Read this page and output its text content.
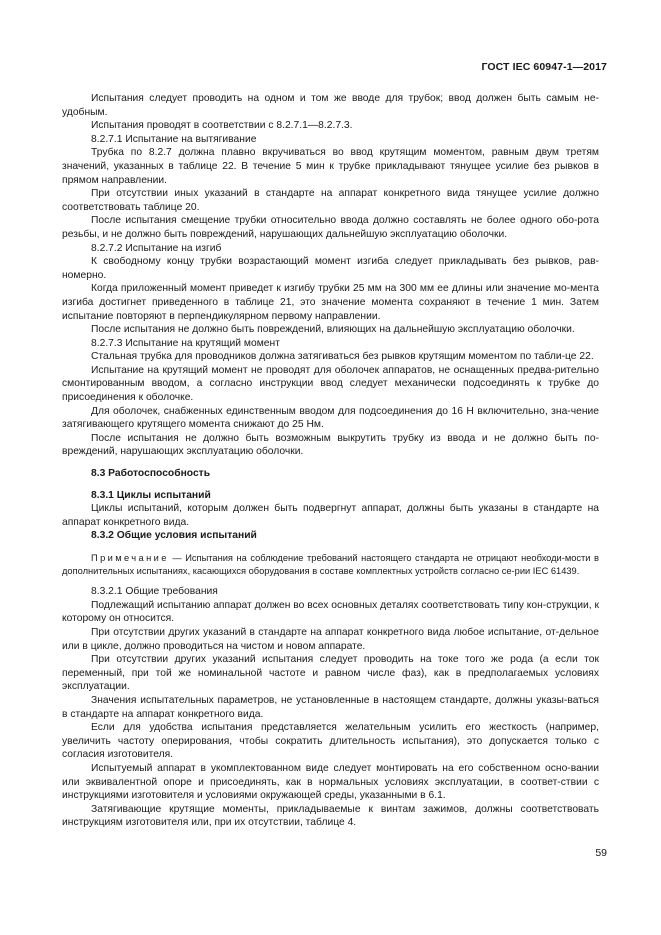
ГОСТ IEC 60947-1—2017

Испытания следует проводить на одном и том же вводе для трубок; ввод должен быть самым не-удобным.

Испытания проводят в соответствии с 8.2.7.1—8.2.7.3.

8.2.7.1 Испытание на вытягивание

Трубка по 8.2.7 должна плавно вкручиваться во ввод крутящим моментом, равным двум третям значений, указанных в таблице 22. В течение 5 мин к трубке прикладывают тянущее усилие без рывков в прямом направлении.

При отсутствии иных указаний в стандарте на аппарат конкретного вида тянущее усилие должно соответствовать таблице 20.

После испытания смещение трубки относительно ввода должно составлять не более одного обо-рота резьбы, и не должно быть повреждений, нарушающих дальнейшую эксплуатацию оболочки.

8.2.7.2 Испытание на изгиб

К свободному концу трубки возрастающий момент изгиба следует прикладывать без рывков, рав-номерно.

Когда приложенный момент приведет к изгибу трубки 25 мм на 300 мм ее длины или значение мо-мента изгиба достигнет приведенного в таблице 21, это значение момента сохраняют в течение 1 мин. Затем испытание повторяют в перпендикулярном первому направлении.

После испытания не должно быть повреждений, влияющих на дальнейшую эксплуатацию оболочки.

8.2.7.3 Испытание на крутящий момент

Стальная трубка для проводников должна затягиваться без рывков крутящим моментом по табли-це 22.

Испытание на крутящий момент не проводят для оболочек аппаратов, не оснащенных предва-рительно смонтированным вводом, а согласно инструкции ввод следует механически подсоединять к трубке до присоединения к оболочке.

Для оболочек, снабженных единственным вводом для подсоединения до 16 Н включительно, зна-чение затягивающего крутящего момента снижают до 25 Нм.

После испытания не должно быть возможным выкрутить трубку из ввода и не должно быть по-вреждений, нарушающих эксплуатацию оболочки.

8.3 Работоспособность

8.3.1 Циклы испытаний

Циклы испытаний, которым должен быть подвергнут аппарат, должны быть указаны в стандарте на аппарат конкретного вида.

8.3.2 Общие условия испытаний

Примечание — Испытания на соблюдение требований настоящего стандарта не отрицают необходи-мости в дополнительных испытаниях, касающихся оборудования в составе комплектных устройств согласно се-рии IEC 61439.

8.3.2.1 Общие требования

Подлежащий испытанию аппарат должен во всех основных деталях соответствовать типу кон-струкции, к которому он относится.

При отсутствии других указаний в стандарте на аппарат конкретного вида любое испытание, от-дельное или в цикле, должно проводиться на чистом и новом аппарате.

При отсутствии других указаний испытания следует проводить на токе того же рода (а если ток переменный, при той же номинальной частоте и равном числе фаз), как в предполагаемых условиях эксплуатации.

Значения испытательных параметров, не установленные в настоящем стандарте, должны указы-ваться в стандарте на аппарат конкретного вида.

Если для удобства испытания представляется желательным усилить его жесткость (например, увеличить частоту оперирования, чтобы сократить длительность испытания), это допускается только с согласия изготовителя.

Испытуемый аппарат в укомплектованном виде следует монтировать на его собственном осно-вании или эквивалентной опоре и присоединять, как в нормальных условиях эксплуатации, в соответ-ствии с инструкциями изготовителя и условиями окружающей среды, указанными в 6.1.

Затягивающие крутящие моменты, прикладываемые к винтам зажимов, должны соответствовать инструкциям изготовителя или, при их отсутствии, таблице 4.

59
